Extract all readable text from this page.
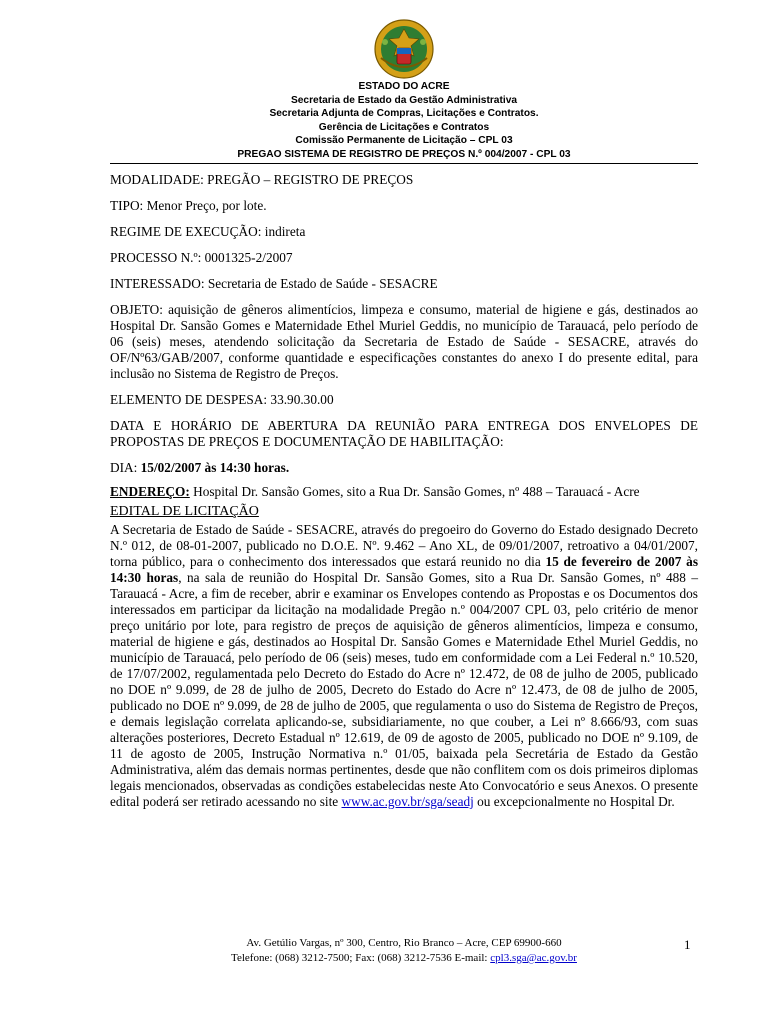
ESTADO DO ACRE
Secretaria de Estado da Gestão Administrativa
Secretaria Adjunta de Compras, Licitações e Contratos.
Gerência de Licitações e Contratos
Comissão Permanente de Licitação – CPL 03
PREGAO SISTEMA DE REGISTRO DE PREÇOS N.º 004/2007 - CPL 03

MODALIDADE: PREGÃO – REGISTRO DE PREÇOS

TIPO: Menor Preço, por lote.

REGIME DE EXECUÇÃO: indireta

PROCESSO N.º: 0001325-2/2007

INTERESSADO: Secretaria de Estado de Saúde - SESACRE

OBJETO: aquisição de gêneros alimentícios, limpeza e consumo, material de higiene e gás, destinados ao Hospital Dr. Sansão Gomes e Maternidade Ethel Muriel Geddis, no município de Tarauacá, pelo período de 06 (seis) meses, atendendo solicitação da Secretaria de Estado de Saúde - SESACRE, através do OF/Nº63/GAB/2007, conforme quantidade e especificações constantes do anexo I do presente edital, para inclusão no Sistema de Registro de Preços.

ELEMENTO DE DESPESA: 33.90.30.00

DATA E HORÁRIO DE ABERTURA DA REUNIÃO PARA ENTREGA DOS ENVELOPES DE PROPOSTAS DE PREÇOS E DOCUMENTAÇÃO DE HABILITAÇÃO:

DIA: 15/02/2007 às 14:30 horas.

ENDEREÇO: Hospital Dr. Sansão Gomes, sito a Rua Dr. Sansão Gomes, nº 488 – Tarauacá - Acre

EDITAL DE LICITAÇÃO

A Secretaria de Estado de Saúde - SESACRE, através do pregoeiro do Governo do Estado designado Decreto N.º 012, de 08-01-2007, publicado no D.O.E. Nº. 9.462 – Ano XL, de 09/01/2007, retroativo a 04/01/2007, torna público, para o conhecimento dos interessados que estará reunido no dia 15 de fevereiro de 2007 às 14:30 horas, na sala de reunião do Hospital Dr. Sansão Gomes, sito a Rua Dr. Sansão Gomes, nº 488 – Tarauacá - Acre, a fim de receber, abrir e examinar os Envelopes contendo as Propostas e os Documentos dos interessados em participar da licitação na modalidade Pregão n.º 004/2007 CPL 03, pelo critério de menor preço unitário por lote, para registro de preços de aquisição de gêneros alimentícios, limpeza e consumo, material de higiene e gás, destinados ao Hospital Dr. Sansão Gomes e Maternidade Ethel Muriel Geddis, no município de Tarauacá, pelo período de 06 (seis) meses, tudo em conformidade com a Lei Federal n.º 10.520, de 17/07/2002, regulamentada pelo Decreto do Estado do Acre nº 12.472, de 08 de julho de 2005, publicado no DOE nº 9.099, de 28 de julho de 2005, Decreto do Estado do Acre nº 12.473, de 08 de julho de 2005, publicado no DOE nº 9.099, de 28 de julho de 2005, que regulamenta o uso do Sistema de Registro de Preços, e demais legislação correlata aplicando-se, subsidiariamente, no que couber, a Lei nº 8.666/93, com suas alterações posteriores, Decreto Estadual nº 12.619, de 09 de agosto de 2005, publicado no DOE nº 9.109, de 11 de agosto de 2005, Instrução Normativa n.º 01/05, baixada pela Secretária de Estado da Gestão Administrativa, além das demais normas pertinentes, desde que não conflitem com os dois primeiros diplomas legais mencionados, observadas as condições estabelecidas neste Ato Convocatório e seus Anexos. O presente edital poderá ser retirado acessando no site www.ac.gov.br/sga/seadj ou excepcionalmente no Hospital Dr.

Av. Getúlio Vargas, nº 300, Centro, Rio Branco – Acre, CEP 69900-660
Telefone: (068) 3212-7500; Fax: (068) 3212-7536 E-mail: cpl3.sga@ac.gov.br
1
